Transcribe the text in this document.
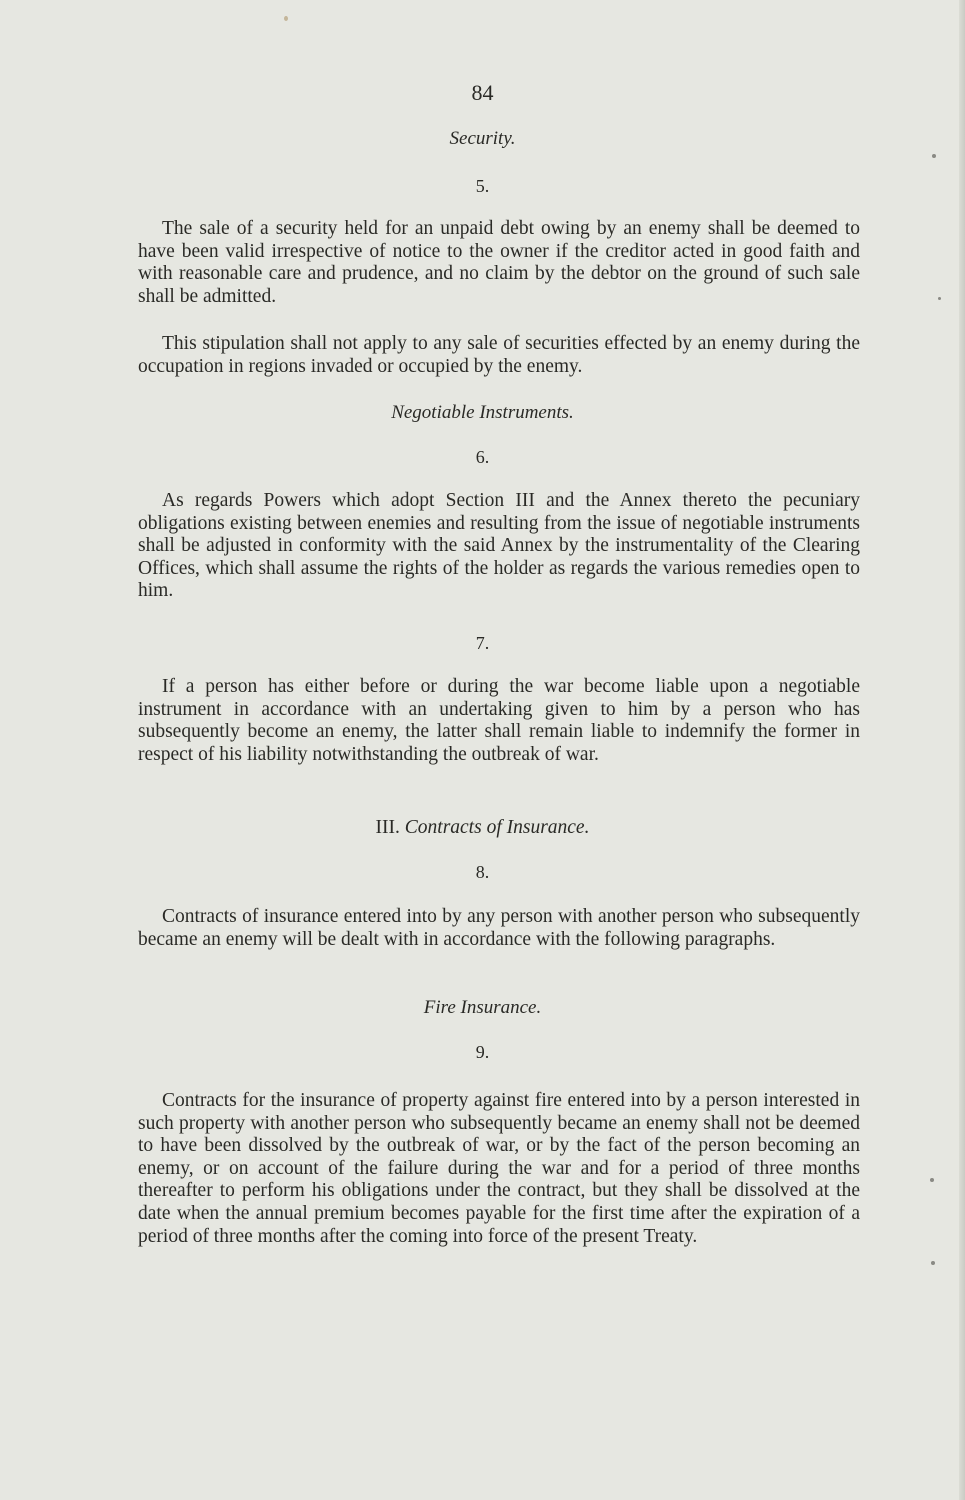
84

Security.

5.

The sale of a security held for an unpaid debt owing by an enemy shall be deemed to have been valid irrespective of notice to the owner if the creditor acted in good faith and with reasonable care and prudence, and no claim by the debtor on the ground of such sale shall be admitted.

This stipulation shall not apply to any sale of securities effected by an enemy during the occupation in regions invaded or occupied by the enemy.

Negotiable Instruments.

6.

As regards Powers which adopt Section III and the Annex thereto the pecuniary obligations existing between enemies and resulting from the issue of negotiable instruments shall be adjusted in conformity with the said Annex by the instrumentality of the Clearing Offices, which shall assume the rights of the holder as regards the various remedies open to him.

7.

If a person has either before or during the war become liable upon a negotiable instrument in accordance with an undertaking given to him by a person who has subsequently become an enemy, the latter shall remain liable to indemnify the former in respect of his liability notwithstanding the outbreak of war.

III. Contracts of Insurance.

8.

Contracts of insurance entered into by any person with another person who subsequently became an enemy will be dealt with in accordance with the following paragraphs.

Fire Insurance.

9.

Contracts for the insurance of property against fire entered into by a person interested in such property with another person who subsequently became an enemy shall not be deemed to have been dissolved by the outbreak of war, or by the fact of the person becoming an enemy, or on account of the failure during the war and for a period of three months thereafter to perform his obligations under the contract, but they shall be dissolved at the date when the annual premium becomes payable for the first time after the expiration of a period of three months after the coming into force of the present Treaty.
